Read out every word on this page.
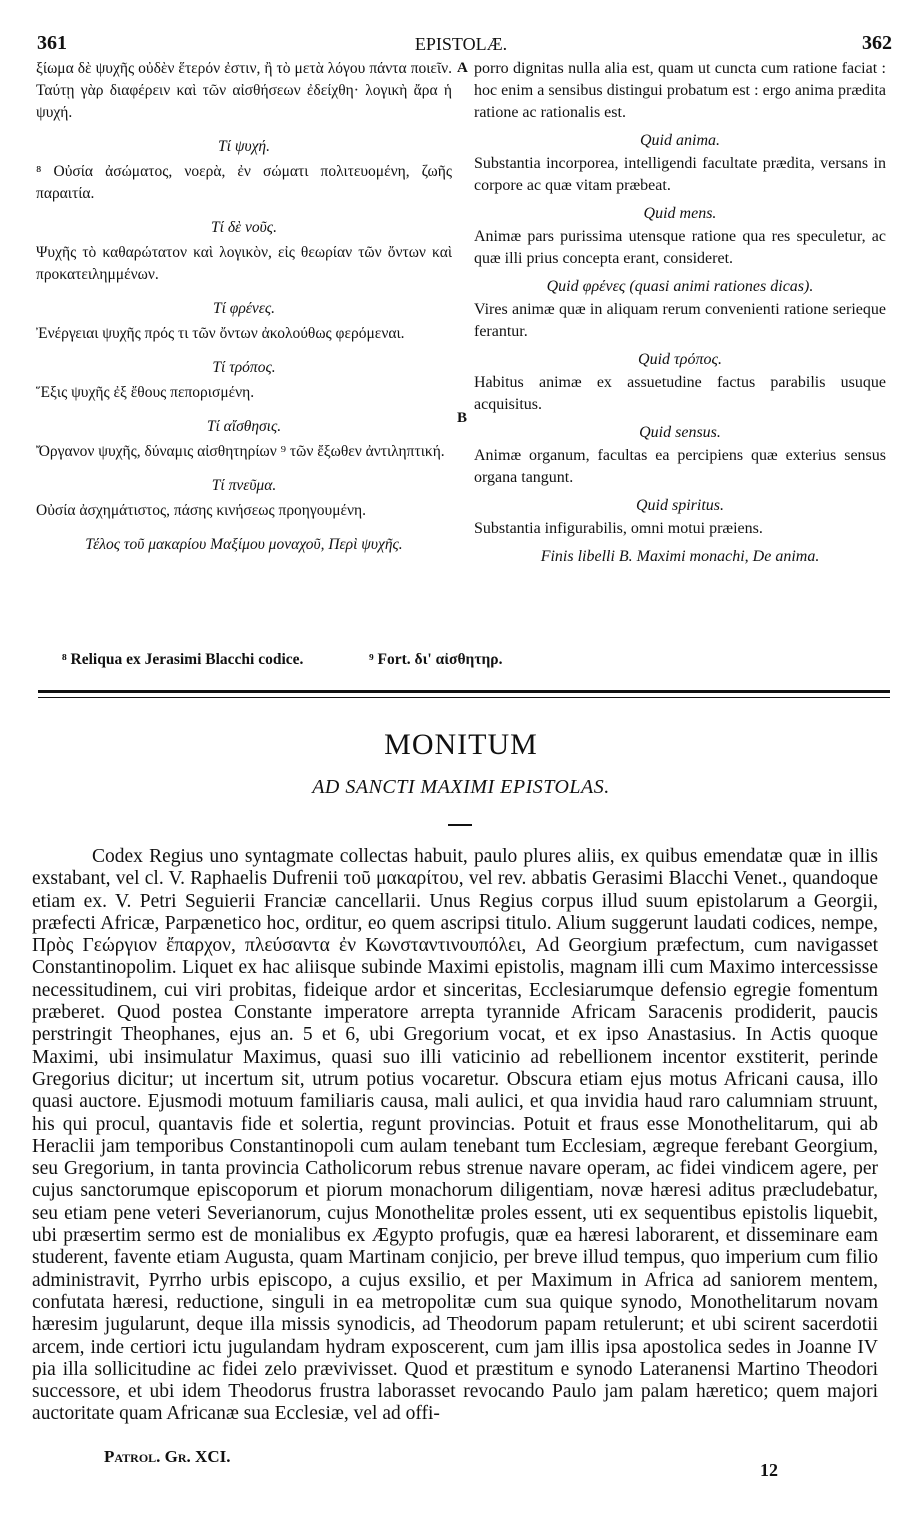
361	EPISTOLÆ.	362
ξίωμα δὲ ψυχῆς οὐδὲν ἕτερόν ἐστιν, ἢ τὸ μετὰ λόγου πάντα ποιεῖν. Ταύτῃ γὰρ διαφέρειν καὶ τῶν αἰσθήσεων ἐδείχθη· λογικὴ ἄρα ἡ ψυχή.
Τί ψυχή.
⁸ Οὐσία ἀσώματος, νοερὰ, ἐν σώματι πολιτευομένη, ζωῆς παραιτία.
Τί δὲ νοῦς.
Ψυχῆς τὸ καθαρώτατον καὶ λογικὸν, εἰς θεωρίαν τῶν ὄντων καὶ προκατειλημμένων.
Τί φρένες.
Ἐνέργειαι ψυχῆς πρός τι τῶν ὄντων ἀκολούθως φερόμεναι.
Τί τρόπος.
Ἕξις ψυχῆς ἐξ ἔθους πεπορισμένη.
Τί αἴσθησις.
Ὄργανον ψυχῆς, δύναμις αἰσθητηρίων ⁹ τῶν ἔξωθεν ἀντιληπτική.
Τί πνεῦμα.
Οὐσία ἀσχημάτιστος, πάσης κινήσεως προηγουμένη.
Τέλος τοῦ μακαρίου Μαξίμου μοναχοῦ, Περὶ ψυχῆς.
porro dignitas nulla alia est, quam ut cuncta cum ratione faciat : hoc enim a sensibus distingui probatum est : ergo anima prædita ratione ac rationalis est.
Quid anima.
Substantia incorporea, intelligendi facultate prædita, versans in corpore ac quæ vitam præbeat.
Quid mens.
Animæ pars purissima utensque ratione qua res speculetur, ac quæ illi prius concepta erant, consideret.
Quid φρένες (quasi animi rationes dicas).
Vires animæ quæ in aliquam rerum convenienti ratione serieque ferantur.
Quid τρόπος.
Habitus animæ ex assuetudine factus parabilis usuque acquisitus.
Quid sensus.
Animæ organum, facultas ea percipiens quæ exterius sensus organa tangunt.
Quid spiritus.
Substantia infigurabilis, omni motui præiens.
Finis libelli B. Maximi monachi, De anima.
A
B
⁸ Reliqua ex Jerasimi Blacchi codice.	⁹ Fort. δι' αἰσθητηρ.
MONITUM
AD SANCTI MAXIMI EPISTOLAS.

Codex Regius uno syntagmate collectas habuit, paulo plures aliis, ex quibus emendatæ quæ in illis exstabant, vel cl. V. Raphaelis Dufrenii τοῦ μακαρίτου, vel rev. abbatis Gerasimi Blacchi Venet., quandoque etiam ex. V. Petri Seguierii Franciæ cancellarii. Unus Regius corpus illud suum epistolarum a Georgii, præfecti Africæ, Parpænetico hoc, orditur, eo quem ascripsi titulo. Alium suggerunt laudati codices, nempe, Πρὸς Γεώργιον ἔπαρχον, πλεύσαντα ἐν Κωνσταντινουπόλει, Ad Georgium præfectum, cum navigasset Constantinopolim. Liquet ex hac aliisque subinde Maximi epistolis, magnam illi cum Maximo intercessisse necessitudinem, cui viri probitas, fideique ardor et sinceritas, Ecclesiarumque defensio egregie fomentum præberet. Quod postea Constante imperatore arrepta tyrannide Africam Saracenis prodiderit, paucis perstringit Theophanes, ejus an. 5 et 6, ubi Gregorium vocat, et ex ipso Anastasius. In Actis quoque Maximi, ubi insimulatur Maximus, quasi suo illi vaticinio ad rebellionem incentor exstiterit, perinde Gregorius dicitur; ut incertum sit, utrum potius vocaretur. Obscura etiam ejus motus Africani causa, illo quasi auctore. Ejusmodi motuum familiaris causa, mali aulici, et qua invidia haud raro calumniam struunt, his qui procul, quantavis fide et solertia, regunt provincias. Potuit et fraus esse Monothelitarum, qui ab Heraclii jam temporibus Constantinopoli cum aulam tenebant tum Ecclesiam, ægreque ferebant Georgium, seu Gregorium, in tanta provincia Catholicorum rebus strenue navare operam, ac fidei vindicem agere, per cujus sanctorumque episcoporum et piorum monachorum diligentiam, novæ hæresi aditus præcludebatur, seu etiam pene veteri Severianorum, cujus Monothelitæ proles essent, uti ex sequentibus epistolis liquebit, ubi præsertim sermo est de monialibus ex Ægypto profugis, quæ ea hæresi laborarent, et disseminare eam studerent, favente etiam Augusta, quam Martinam conjicio, per breve illud tempus, quo imperium cum filio administravit, Pyrrho urbis episcopo, a cujus exsilio, et per Maximum in Africa ad saniorem mentem, confutata hæresi, reductione, singuli in ea metropolitæ cum sua quique synodo, Monothelitarum novam hæresim jugularunt, deque illa missis synodicis, ad Theodorum papam retulerunt; et ubi scirent sacerdotii arcem, inde certiori ictu jugulandam hydram exposcerent, cum jam illis ipsa apostolica sedes in Joanne IV pia illa sollicitudine ac fidei zelo prævivisset. Quod et præstitum e synodo Lateranensi Martino Theodori successore, et ubi idem Theodorus frustra laborasset revocando Paulo jam palam hæretico; quem majori auctoritate quam Africanæ sua Ecclesiæ, vel ad offi-

Patrol. Gr. XCI.
12
